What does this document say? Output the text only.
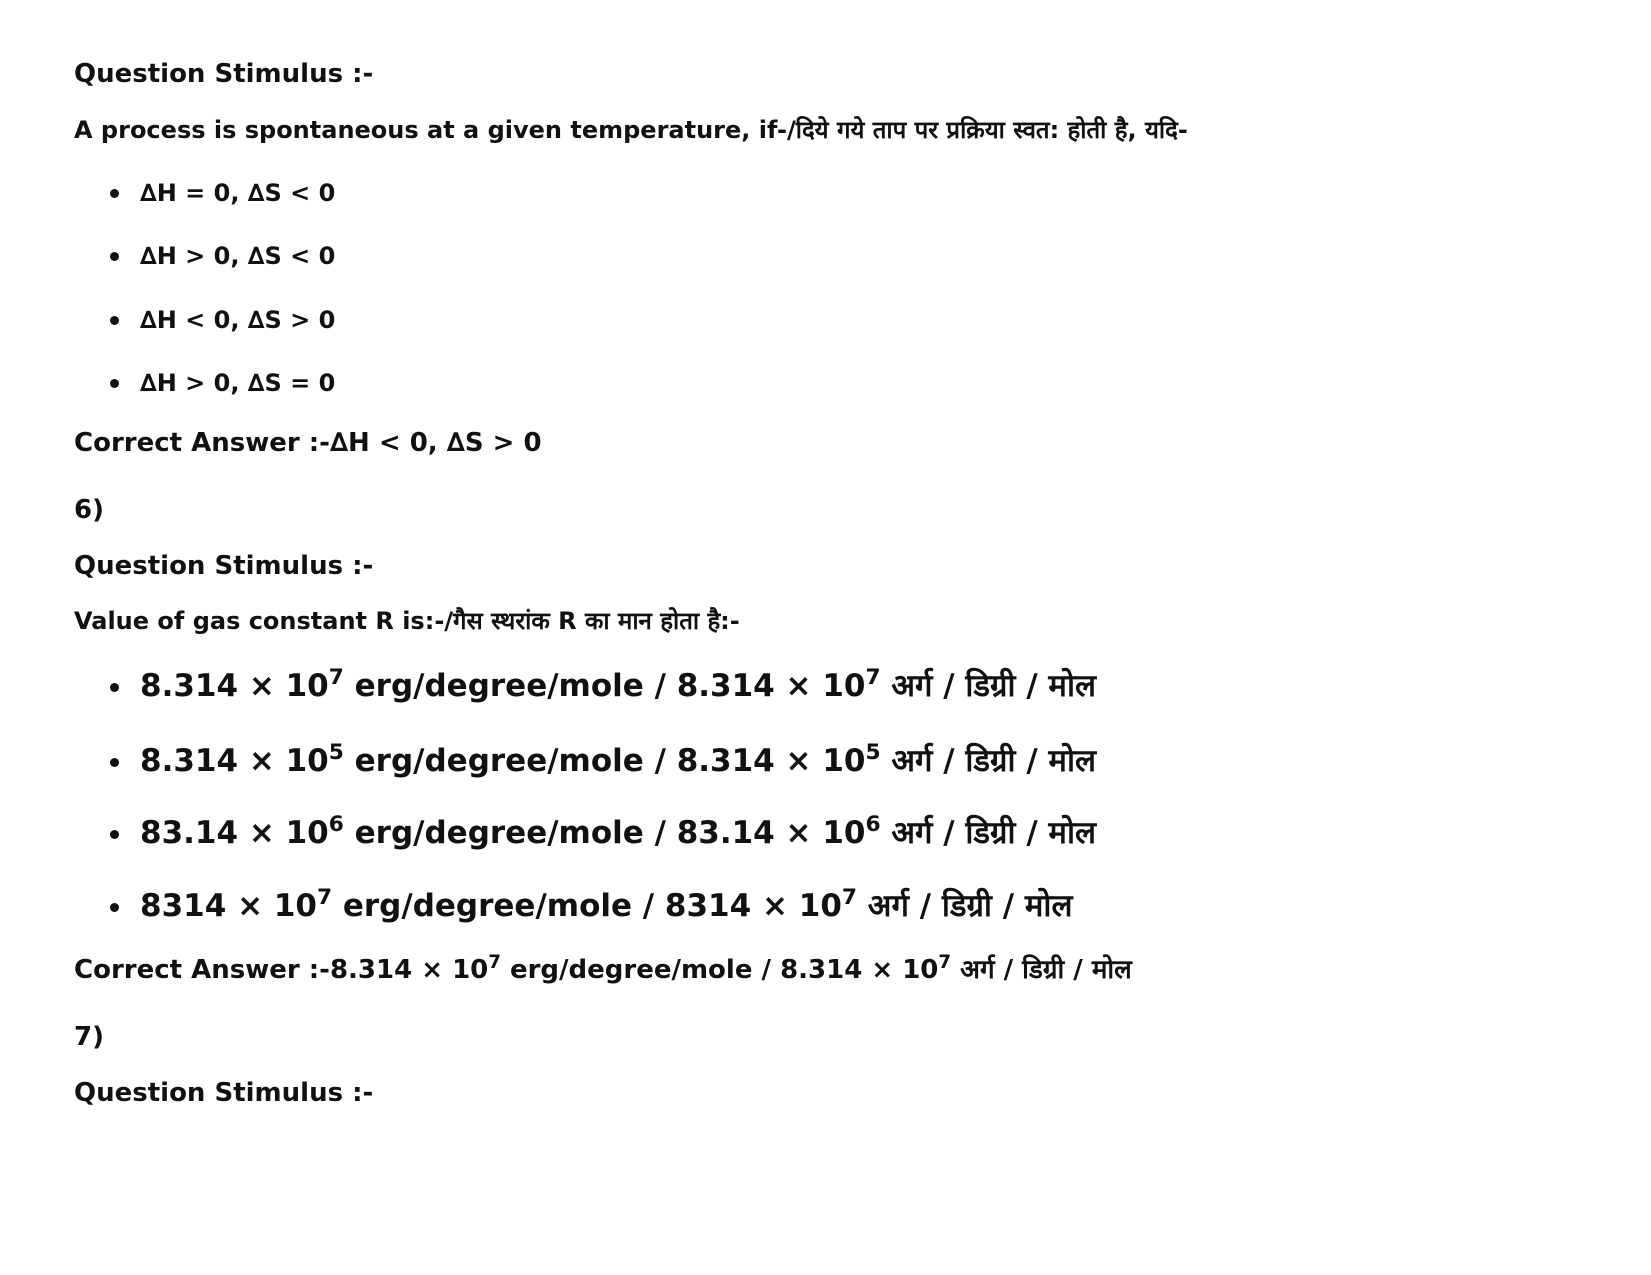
Question Stimulus :-
A process is spontaneous at a given temperature, if-/दिये गये ताप पर प्रक्रिया स्वत: होती है, यदि-
∆H = 0, ∆S < 0
∆H > 0, ∆S < 0
∆H < 0, ∆S > 0
∆H > 0, ∆S = 0
Correct Answer :-∆H < 0, ∆S > 0
6)
Question Stimulus :-
Value of gas constant R is:-/गैस स्थरांक R का मान होता है:-
$8.314 \times 10^7$ erg/degree/mole / $8.314 \times 10^7$ अर्ग / डिग्री / मोल
$8.314 \times 10^5$ erg/degree/mole / $8.314 \times 10^5$ अर्ग / डिग्री / मोल
$83.14 \times 10^6$ erg/degree/mole / $83.14 \times 10^6$ अर्ग / डिग्री / मोल
$8314 \times 10^7$ erg/degree/mole / $8314 \times 10^7$ अर्ग / डिग्री / मोल
Correct Answer :-8.314 × $10^7$ erg/degree/mole / $8.314 \times 10^7$ अर्ग / डिग्री / मोल
7)
Question Stimulus :-
